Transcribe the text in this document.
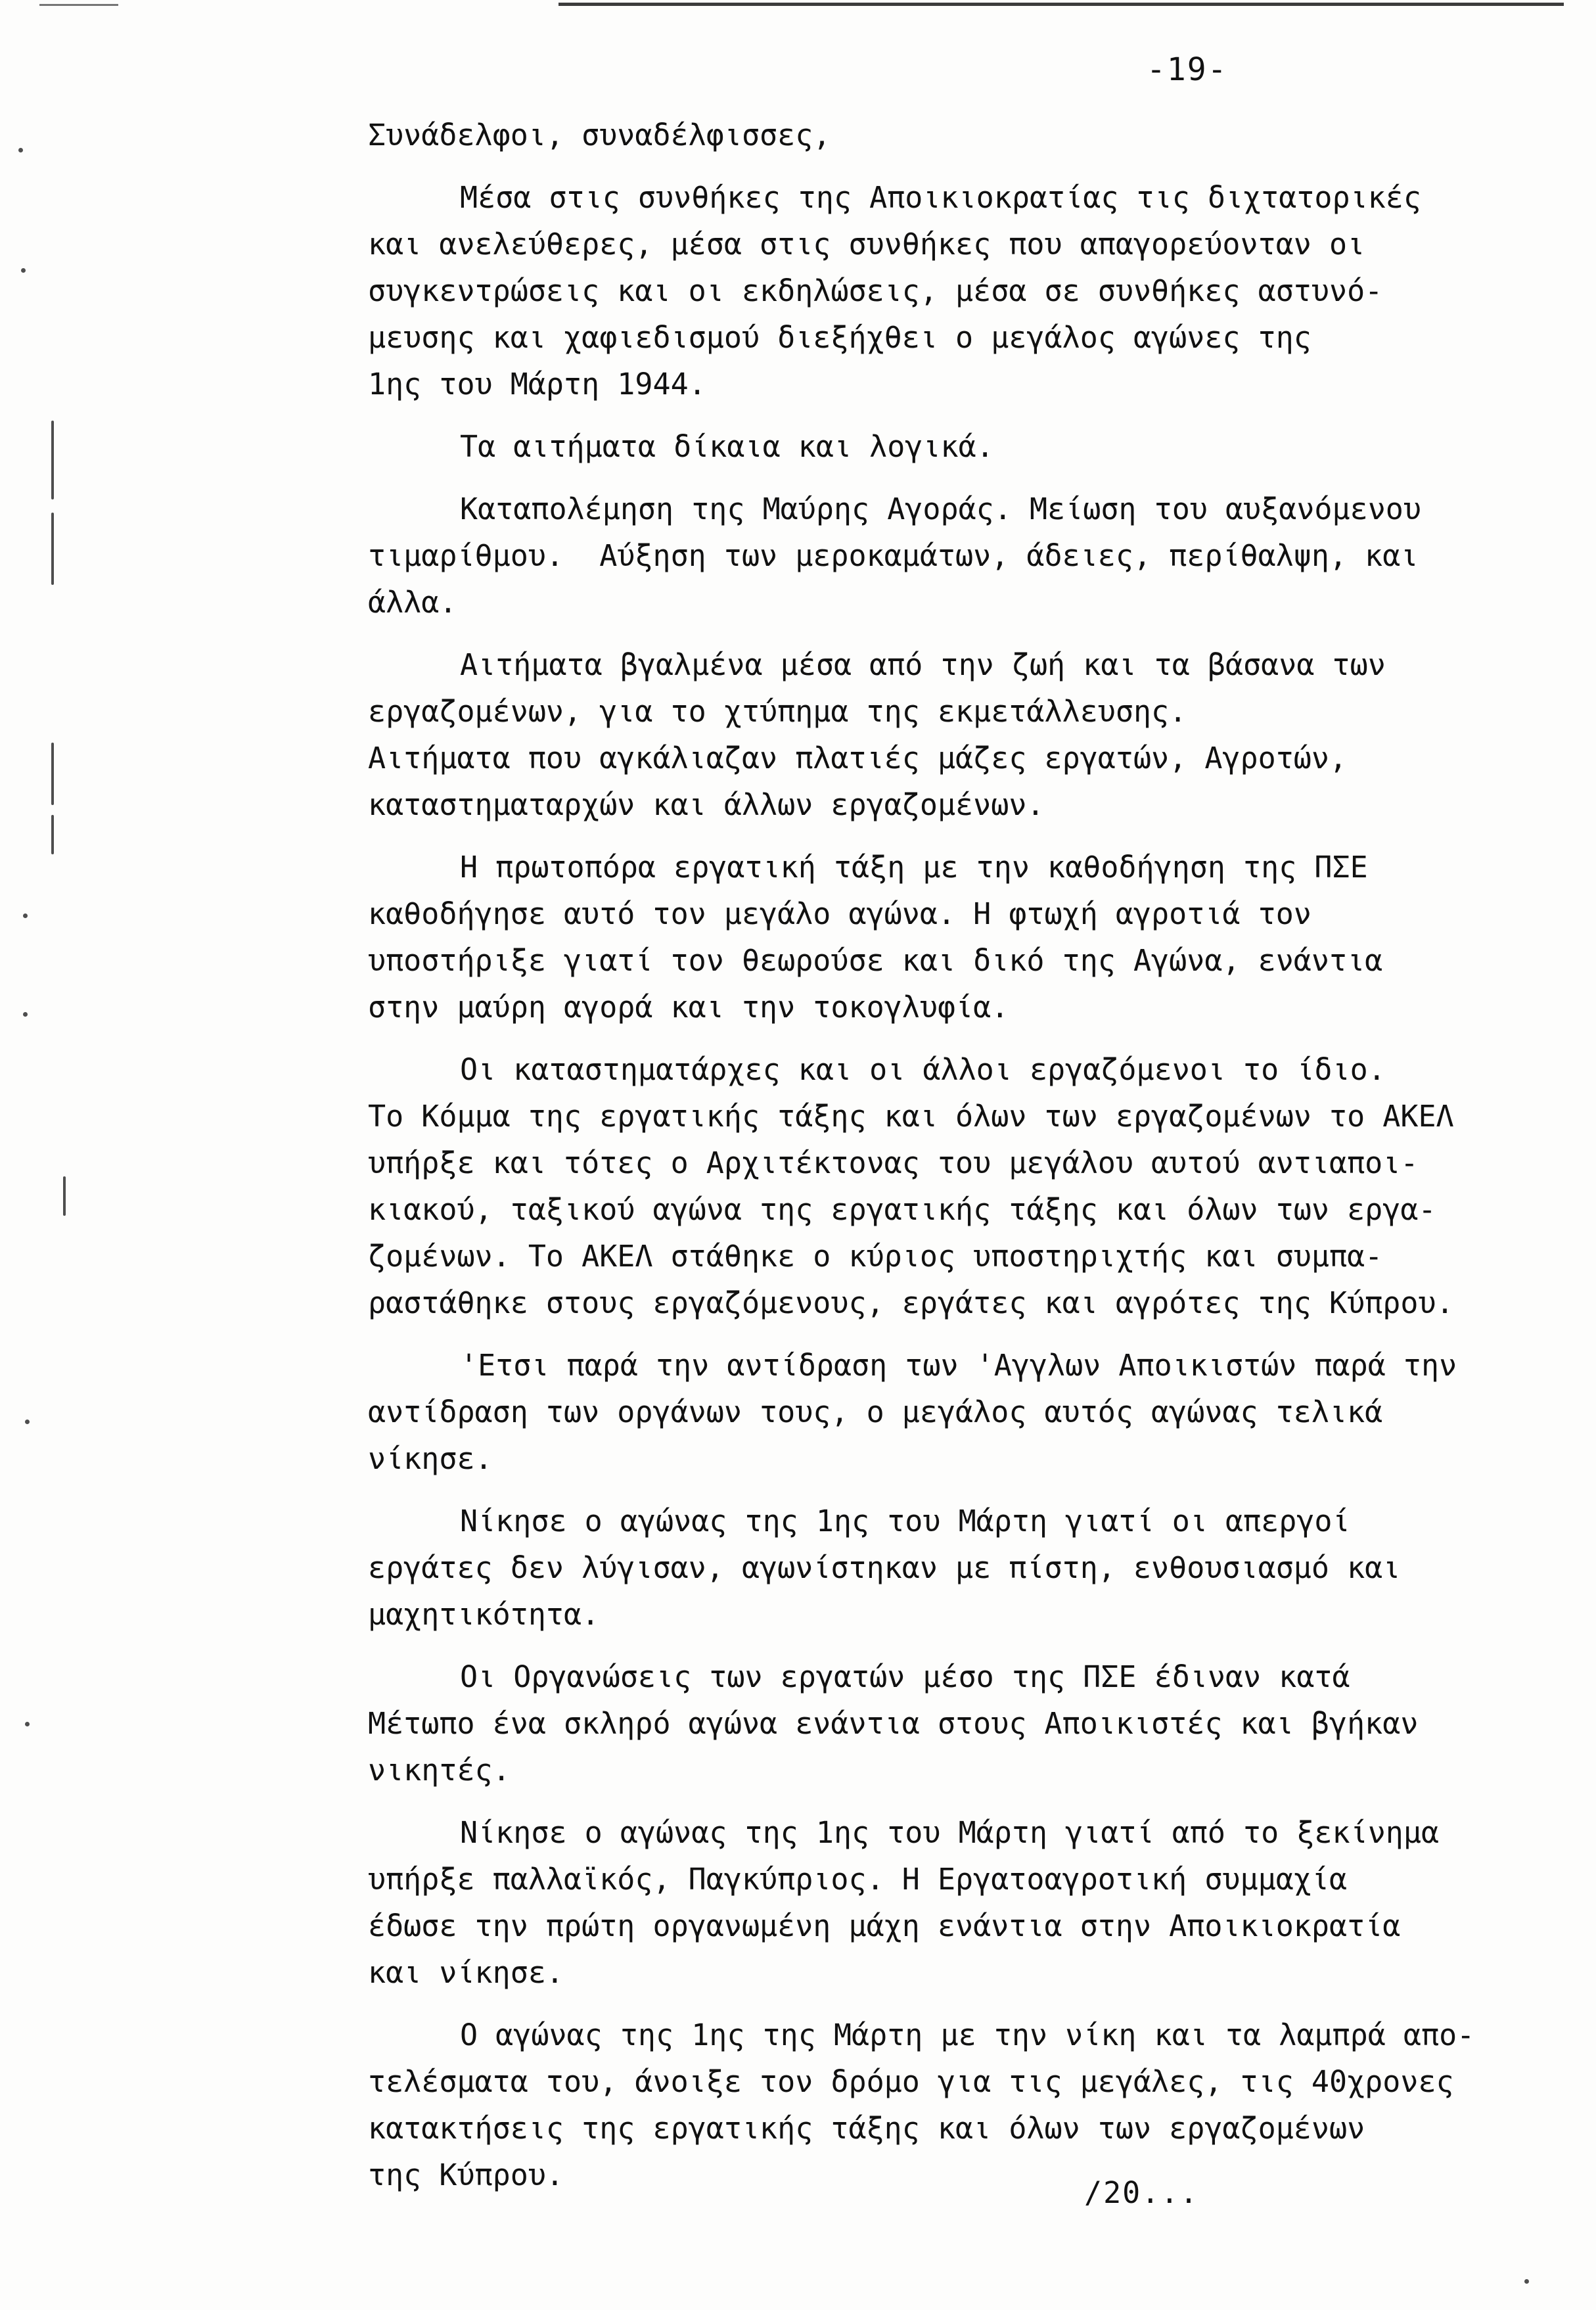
-19-
Συνάδελφοι, συναδέλφισσες,
Μέσα στις συνθήκες της Αποικιοκρατίας τις διχτατορικές
και ανελεύθερες, μέσα στις συνθήκες που απαγορεύονταν οι
συγκεντρώσεις και οι εκδηλώσεις, μέσα σε συνθήκες αστυνό-
μευσης και χαφιεδισμού διεξήχθει ο μεγάλος αγώνες της
1ης του Μάρτη 1944.
Τα αιτήματα δίκαια και λογικά.
Καταπολέμηση της Μαύρης Αγοράς. Μείωση του αυξανόμενου
τιμαρίθμου.  Αύξηση των μεροκαμάτων, άδειες, περίθαλψη, και
άλλα.
Αιτήματα βγαλμένα μέσα από την ζωή και τα βάσανα των
εργαζομένων, για το χτύπημα της εκμετάλλευσης.
Αιτήματα που αγκάλιαζαν πλατιές μάζες εργατών, Αγροτών,
καταστηματαρχών και άλλων εργαζομένων.
Η πρωτοπόρα εργατική τάξη με την καθοδήγηση της ΠΣΕ
καθοδήγησε αυτό τον μεγάλο αγώνα. Η φτωχή αγροτιά τον
υποστήριξε γιατί τον θεωρούσε και δικό της Αγώνα, ενάντια
στην μαύρη αγορά και την τοκογλυφία.
Οι καταστηματάρχες και οι άλλοι εργαζόμενοι το ίδιο.
Το Κόμμα της εργατικής τάξης και όλων των εργαζομένων το ΑΚΕΛ
υπήρξε και τότες ο Αρχιτέκτονας του μεγάλου αυτού αντιαποι-
κιακού, ταξικού αγώνα της εργατικής τάξης και όλων των εργα-
ζομένων. Το ΑΚΕΛ στάθηκε ο κύριος υποστηριχτής και συμπα-
ραστάθηκε στους εργαζόμενους, εργάτες και αγρότες της Κύπρου.
'Ετσι παρά την αντίδραση των 'Αγγλων Αποικιστών παρά την
αντίδραση των οργάνων τους, ο μεγάλος αυτός αγώνας τελικά
νίκησε.
Νίκησε ο αγώνας της 1ης του Μάρτη γιατί οι απεργοί
εργάτες δεν λύγισαν, αγωνίστηκαν με πίστη, ενθουσιασμό και
μαχητικότητα.
Οι Οργανώσεις των εργατών μέσο της ΠΣΕ έδιναν κατά
Μέτωπο ένα σκληρό αγώνα ενάντια στους Αποικιστές και βγήκαν
νικητές.
Νίκησε ο αγώνας της 1ης του Μάρτη γιατί από το ξεκίνημα
υπήρξε παλλαϊκός, Παγκύπριος. Η Εργατοαγροτική συμμαχία
έδωσε την πρώτη οργανωμένη μάχη ενάντια στην Αποικιοκρατία
και νίκησε.
Ο αγώνας της 1ης της Μάρτη με την νίκη και τα λαμπρά απο-
τελέσματα του, άνοιξε τον δρόμο για τις μεγάλες, τις 40χρονες
κατακτήσεις της εργατικής τάξης και όλων των εργαζομένων
της Κύπρου.
/20...
